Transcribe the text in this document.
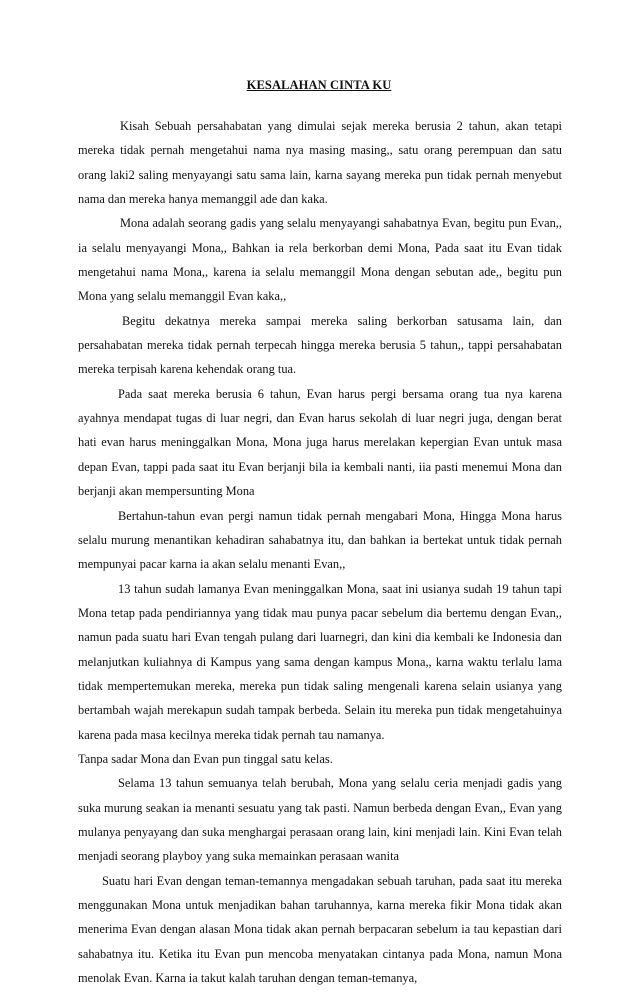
KESALAHAN CINTA KU

Kisah Sebuah persahabatan yang dimulai sejak mereka berusia 2 tahun, akan tetapi mereka tidak pernah mengetahui nama nya masing masing,, satu orang perempuan dan satu orang laki2 saling menyayangi satu sama lain, karna sayang mereka pun tidak pernah menyebut nama dan mereka hanya memanggil ade dan kaka.

Mona adalah seorang gadis yang selalu menyayangi sahabatnya Evan, begitu pun Evan,, ia selalu menyayangi Mona,, Bahkan ia rela berkorban demi Mona, Pada saat itu Evan tidak mengetahui nama Mona,, karena ia selalu memanggil Mona dengan sebutan ade,, begitu pun Mona yang selalu memanggil Evan kaka,,

Begitu dekatnya mereka sampai mereka saling berkorban satusama lain, dan persahabatan mereka tidak pernah terpecah hingga mereka berusia 5 tahun,, tappi persahabatan mereka terpisah karena kehendak orang tua.

Pada saat mereka berusia 6 tahun, Evan harus pergi bersama orang tua nya karena ayahnya mendapat tugas di luar negri, dan Evan harus sekolah di luar negri juga, dengan berat hati evan harus meninggalkan Mona, Mona juga harus merelakan kepergian Evan untuk masa depan Evan, tappi pada saat itu Evan berjanji bila ia kembali nanti, iia pasti menemui Mona dan berjanji akan mempersunting Mona

Bertahun-tahun evan pergi namun tidak pernah mengabari Mona, Hingga Mona harus selalu murung menantikan kehadiran sahabatnya itu, dan bahkan ia bertekat untuk tidak pernah mempunyai pacar karna ia akan selalu menanti Evan,,

13 tahun sudah lamanya Evan meninggalkan Mona, saat ini usianya sudah 19 tahun tapi Mona tetap pada pendiriannya yang tidak mau punya pacar sebelum dia bertemu dengan Evan,, namun pada suatu hari Evan tengah pulang dari luarnegri, dan kini dia kembali ke Indonesia dan melanjutkan kuliahnya di Kampus yang sama dengan kampus Mona,, karna waktu terlalu lama tidak mempertemukan mereka, mereka pun tidak saling mengenali karena selain usianya yang bertambah wajah merekapun sudah tampak berbeda. Selain itu mereka pun tidak mengetahuinya karena pada masa kecilnya mereka tidak pernah tau namanya.

Tanpa sadar Mona dan Evan pun tinggal satu kelas.

Selama 13 tahun semuanya telah berubah, Mona yang selalu ceria menjadi gadis yang suka murung seakan ia menanti sesuatu yang tak pasti. Namun berbeda dengan Evan,, Evan yang mulanya penyayang dan suka menghargai perasaan orang lain, kini menjadi lain. Kini Evan telah menjadi seorang playboy yang suka memainkan perasaan wanita

Suatu hari Evan dengan teman-temannya mengadakan sebuah taruhan, pada saat itu mereka menggunakan Mona untuk menjadikan bahan taruhannya, karna mereka fikir Mona tidak akan menerima Evan dengan alasan Mona tidak akan pernah berpacaran sebelum ia tau kepastian dari sahabatnya itu. Ketika itu Evan pun mencoba menyatakan cintanya pada Mona, namun Mona menolak Evan. Karna ia takut kalah taruhan dengan teman-temanya,
